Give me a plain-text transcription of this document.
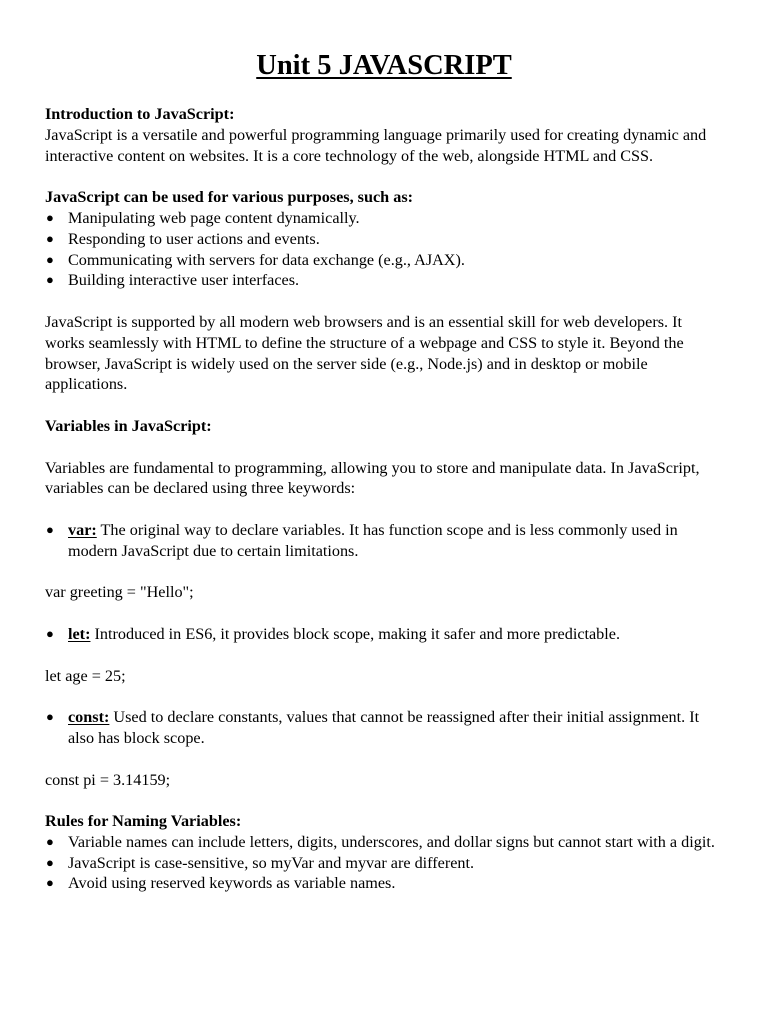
Unit 5 JAVASCRIPT

Introduction to JavaScript:

JavaScript is a versatile and powerful programming language primarily used for creating dynamic and interactive content on websites. It is a core technology of the web, alongside HTML and CSS.

JavaScript can be used for various purposes, such as:

● Manipulating web page content dynamically.
● Responding to user actions and events.
● Communicating with servers for data exchange (e.g., AJAX).
● Building interactive user interfaces.

JavaScript is supported by all modern web browsers and is an essential skill for web developers. It works seamlessly with HTML to define the structure of a webpage and CSS to style it. Beyond the browser, JavaScript is widely used on the server side (e.g., Node.js) and in desktop or mobile applications.

Variables in JavaScript:

Variables are fundamental to programming, allowing you to store and manipulate data. In JavaScript, variables can be declared using three keywords:

● var: The original way to declare variables. It has function scope and is less commonly used in modern JavaScript due to certain limitations.

var greeting = "Hello";

● let: Introduced in ES6, it provides block scope, making it safer and more predictable.

let age = 25;

● const: Used to declare constants, values that cannot be reassigned after their initial assignment. It also has block scope.

const pi = 3.14159;

Rules for Naming Variables:

● Variable names can include letters, digits, underscores, and dollar signs but cannot start with a digit.
● JavaScript is case-sensitive, so myVar and myvar are different.
● Avoid using reserved keywords as variable names.
